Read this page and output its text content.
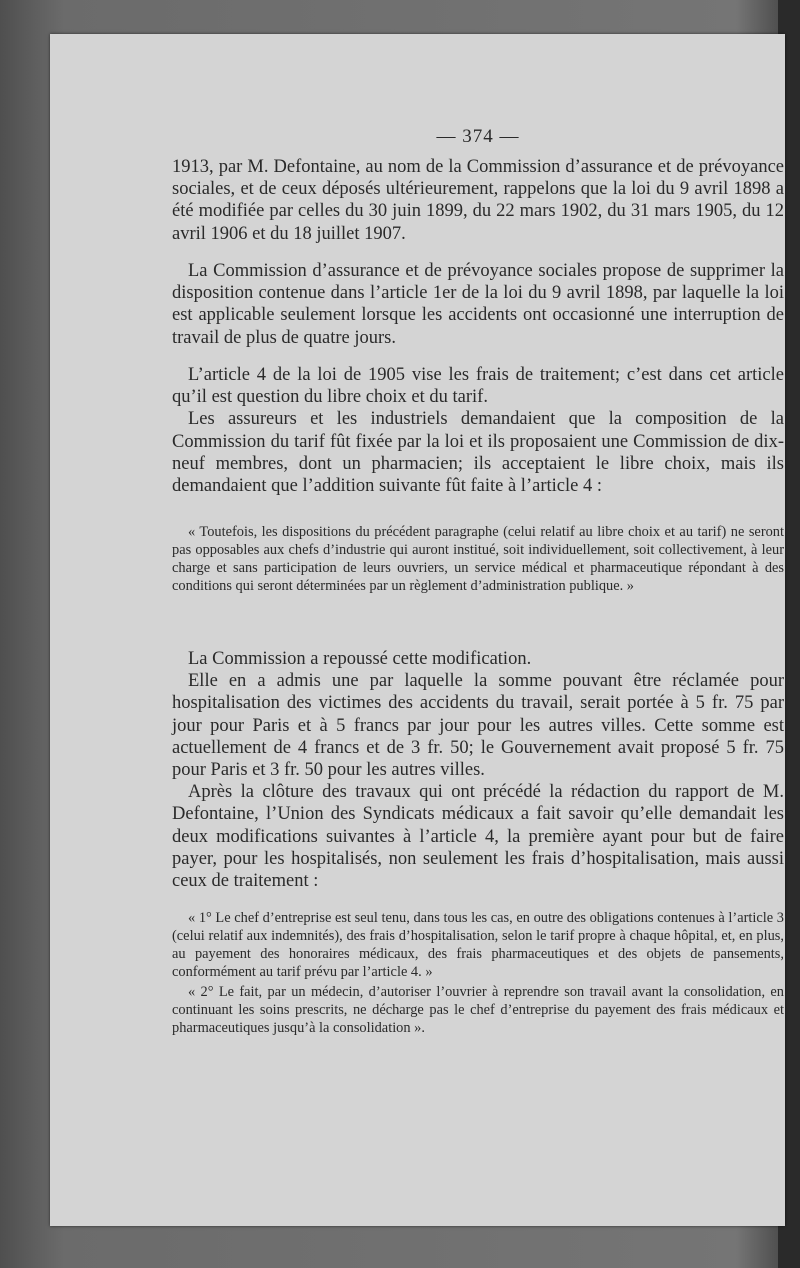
— 374 —

1913, par M. Defontaine, au nom de la Commission d’assurance et de prévoyance sociales, et de ceux déposés ultérieurement, rappelons que la loi du 9 avril 1898 a été modifiée par celles du 30 juin 1899, du 22 mars 1902, du 31 mars 1905, du 12 avril 1906 et du 18 juillet 1907.

La Commission d’assurance et de prévoyance sociales propose de supprimer la disposition contenue dans l’article 1er de la loi du 9 avril 1898, par laquelle la loi est applicable seulement lorsque les accidents ont occasionné une interruption de travail de plus de quatre jours.

L’article 4 de la loi de 1905 vise les frais de traitement; c’est dans cet article qu’il est question du libre choix et du tarif.

Les assureurs et les industriels demandaient que la composition de la Commission du tarif fût fixée par la loi et ils proposaient une Commission de dix-neuf membres, dont un pharmacien; ils acceptaient le libre choix, mais ils demandaient que l’addition suivante fût faite à l’article 4 :

« Toutefois, les dispositions du précédent paragraphe (celui relatif au libre choix et au tarif) ne seront pas opposables aux chefs d’industrie qui auront institué, soit individuellement, soit collectivement, à leur charge et sans participation de leurs ouvriers, un service médical et pharmaceutique répondant à des conditions qui seront déterminées par un règlement d’administration publique. »

La Commission a repoussé cette modification.

Elle en a admis une par laquelle la somme pouvant être réclamée pour hospitalisation des victimes des accidents du travail, serait portée à 5 fr. 75 par jour pour Paris et à 5 francs par jour pour les autres villes. Cette somme est actuellement de 4 francs et de 3 fr. 50; le Gouvernement avait proposé 5 fr. 75 pour Paris et 3 fr. 50 pour les autres villes.

Après la clôture des travaux qui ont précédé la rédaction du rapport de M. Defontaine, l’Union des Syndicats médicaux a fait savoir qu’elle demandait les deux modifications suivantes à l’article 4, la première ayant pour but de faire payer, pour les hospitalisés, non seulement les frais d’hospitalisation, mais aussi ceux de traitement :

« 1° Le chef d’entreprise est seul tenu, dans tous les cas, en outre des obligations contenues à l’article 3 (celui relatif aux indemnités), des frais d’hospitalisation, selon le tarif propre à chaque hôpital, et, en plus, au payement des honoraires médicaux, des frais pharmaceutiques et des objets de pansements, conformément au tarif prévu par l’article 4. »

« 2° Le fait, par un médecin, d’autoriser l’ouvrier à reprendre son travail avant la consolidation, en continuant les soins prescrits, ne décharge pas le chef d’entreprise du payement des frais médicaux et pharmaceutiques jusqu’à la consolidation ».
